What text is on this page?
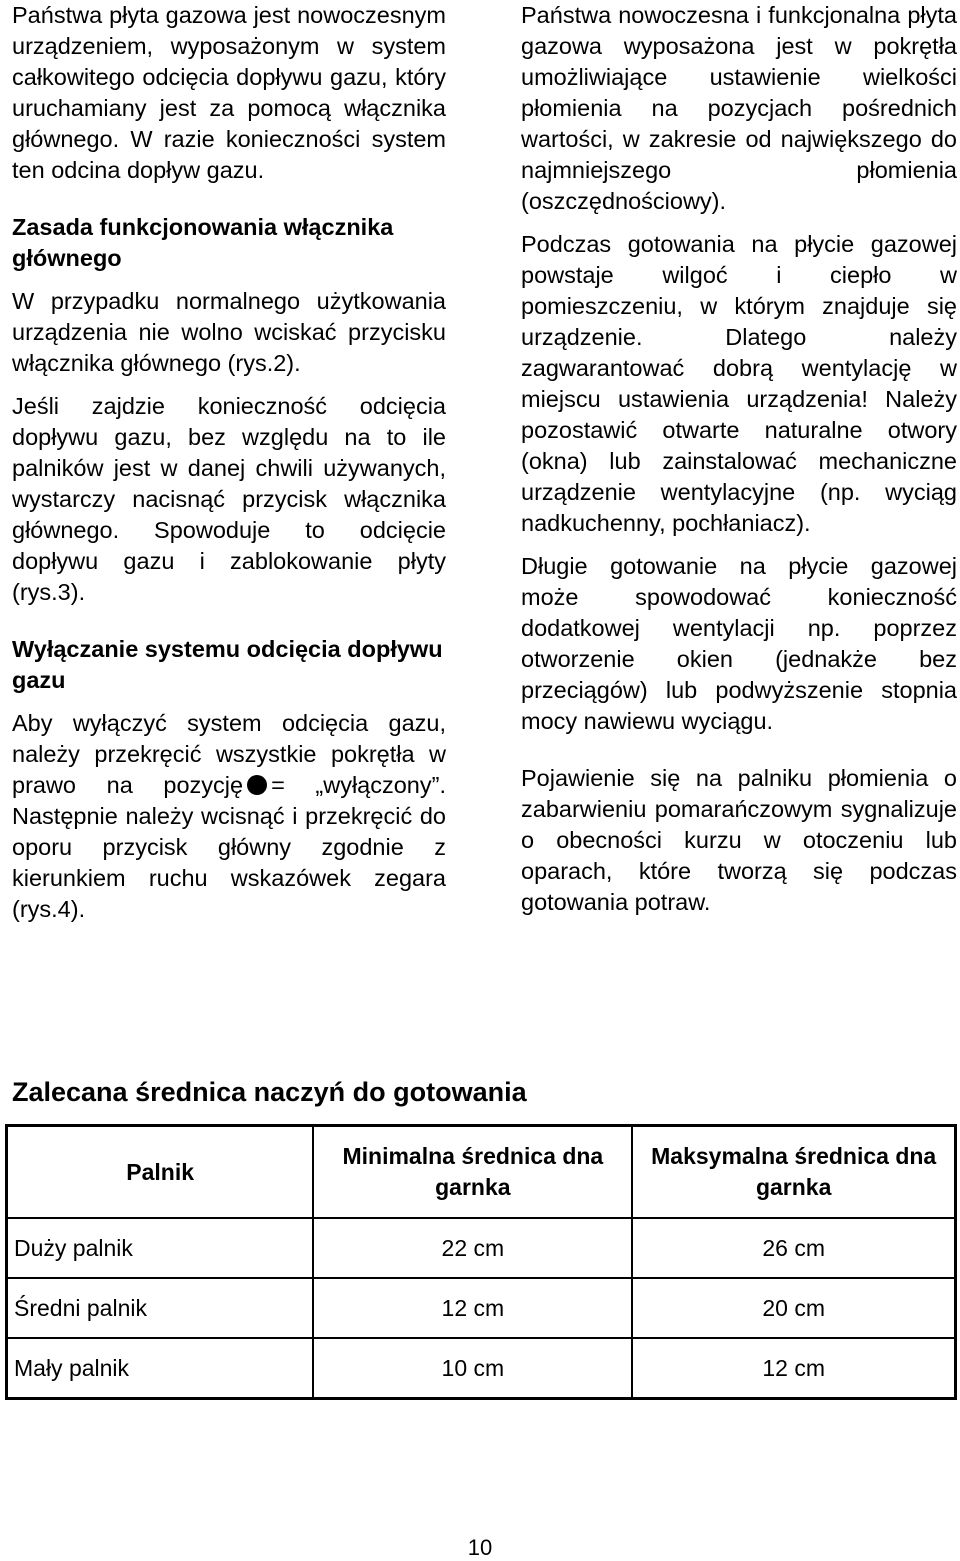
Państwa płyta gazowa jest nowoczesnym urządzeniem, wyposażonym w system całkowitego odcięcia dopływu gazu, który uruchamiany jest za pomocą włącznika głównego. W razie konieczności system ten odcina dopływ gazu.

Zasada funkcjonowania włącznika głównego

W przypadku normalnego użytkowania urządzenia nie wolno wciskać przycisku włącznika głównego (rys.2).

Jeśli zajdzie konieczność odcięcia dopływu gazu, bez względu na to ile palników jest w danej chwili używanych, wystarczy nacisnąć przycisk włącznika głównego. Spowoduje to odcięcie dopływu gazu i zablokowanie płyty (rys.3).

Wyłączanie systemu odcięcia dopływu gazu

Aby wyłączyć system odcięcia gazu, należy przekręcić wszystkie pokrętła w prawo na pozycję = „wyłączony”. Następnie należy wcisnąć i przekręcić do oporu przycisk główny zgodnie z kierunkiem ruchu wskazówek zegara (rys.4).

Państwa nowoczesna i funkcjonalna płyta gazowa wyposażona jest w pokrętła umożliwiające ustawienie wielkości płomienia na pozycjach pośrednich wartości, w zakresie od największego do najmniejszego płomienia (oszczędnościowy).

Podczas gotowania na płycie gazowej powstaje wilgoć i ciepło w pomieszczeniu, w którym znajduje się urządzenie. Dlatego należy zagwarantować dobrą wentylację w miejscu ustawienia urządzenia! Należy pozostawić otwarte naturalne otwory (okna) lub zainstalować mechaniczne urządzenie wentylacyjne (np. wyciąg nadkuchenny, pochłaniacz).

Długie gotowanie na płycie gazowej może spowodować konieczność dodatkowej wentylacji np. poprzez otworzenie okien (jednakże bez przeciągów) lub podwyższenie stopnia mocy nawiewu wyciągu.

Pojawienie się na palniku płomienia o zabarwieniu pomarańczowym sygnalizuje o obecności kurzu w otoczeniu lub oparach, które tworzą się podczas gotowania potraw.

Zalecana średnica naczyń do gotowania
Palnik	Minimalna średnica dna garnka	Maksymalna średnica dna garnka
Duży palnik	22 cm	26 cm
Średni palnik	12 cm	20 cm
Mały palnik	10 cm	12 cm
10
